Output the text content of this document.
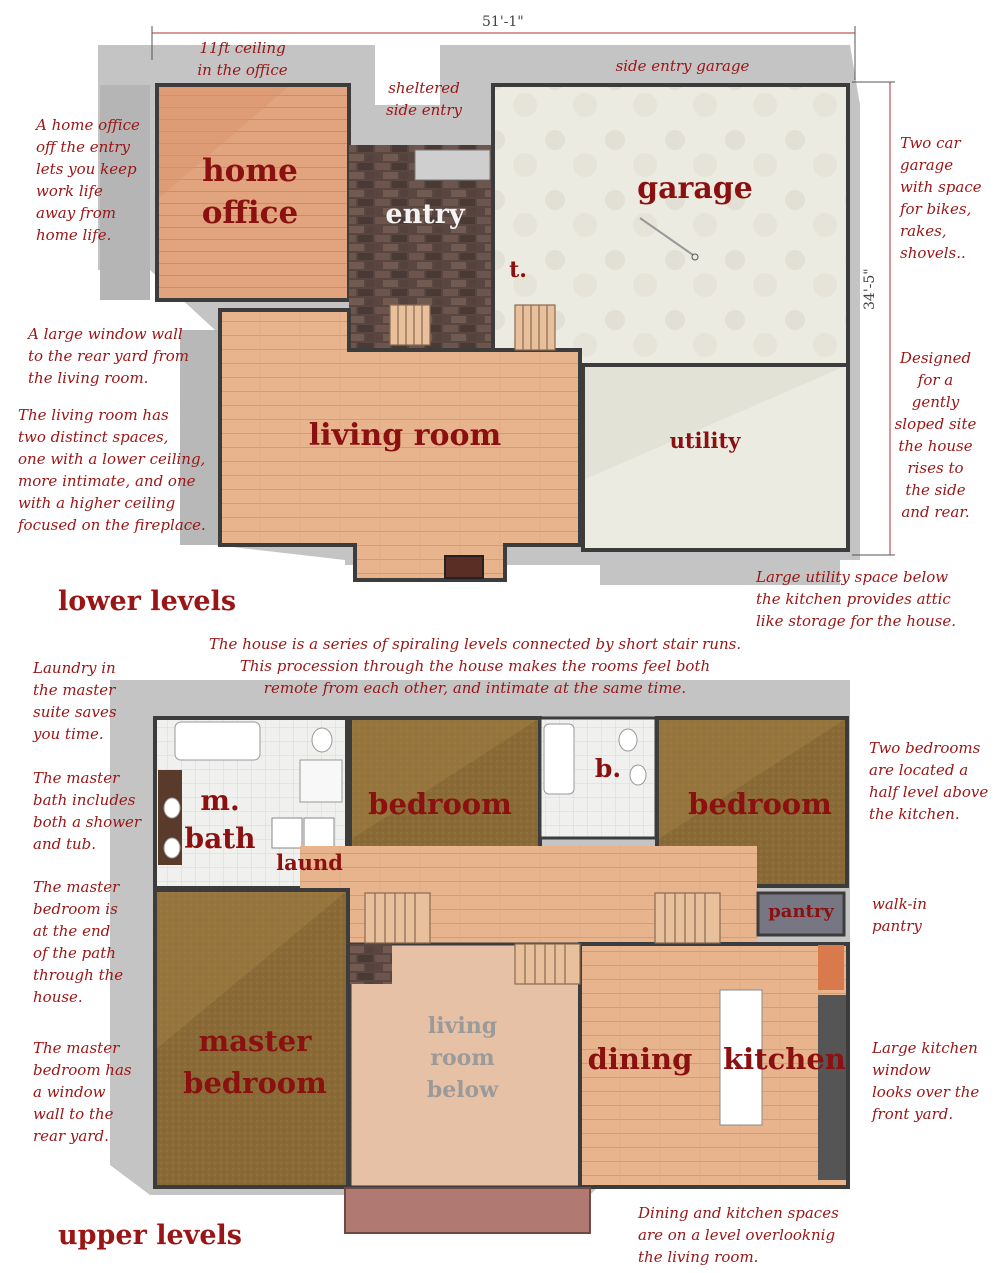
51'-1"

34'-5"

11ft ceiling
in the office

sheltered
side entry

side entry garage

A home office
off the entry
lets you keep
work life
away from
home life.

A large window wall
to the rear yard from
the living room.

The living room has
two distinct spaces,
one with a lower ceiling,
more intimate, and one
with a higher ceiling
focused on the fireplace.

Two car
garage
with space
for bikes,
rakes,
shovels..

Designed
for a
gently
sloped site
the house
rises to
the side
and rear.

Large utility space below
the kitchen provides attic
like storage for the house.

lower levels

The house is a series of spiraling levels connected by short stair runs.
This procession through the house makes the rooms feel both
remote from each other, and intimate at the same time.

home
office	entry

t.

garage

living room	utility

Laundry in
the master
suite saves
you time.

The master
bath includes
both a shower
and tub.

The master
bedroom is
at the end
of the path
through the
house.

The master
bedroom has
a window
wall to the
rear yard.

Two bedrooms
are located a
half level above
the kitchen.

walk-in
pantry

Large kitchen
window
looks over the
front yard.

Dining and kitchen spaces
are on a level overlooknig
the living room.

upper levels

m.
bath

laund

bedroom

b.

bedroom

pantry

master
bedroom

living
room
below

dining kitchen
